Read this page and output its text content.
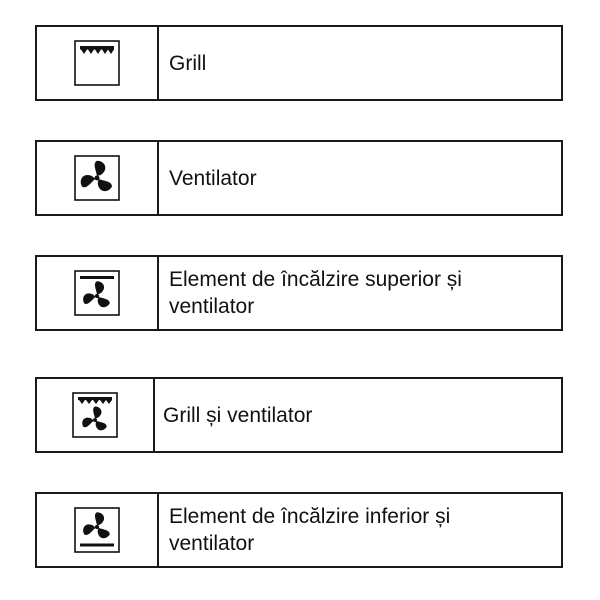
Grill
Ventilator
Element de încălzire superior și
ventilator
Grill și ventilator
Element de încălzire inferior și
ventilator
